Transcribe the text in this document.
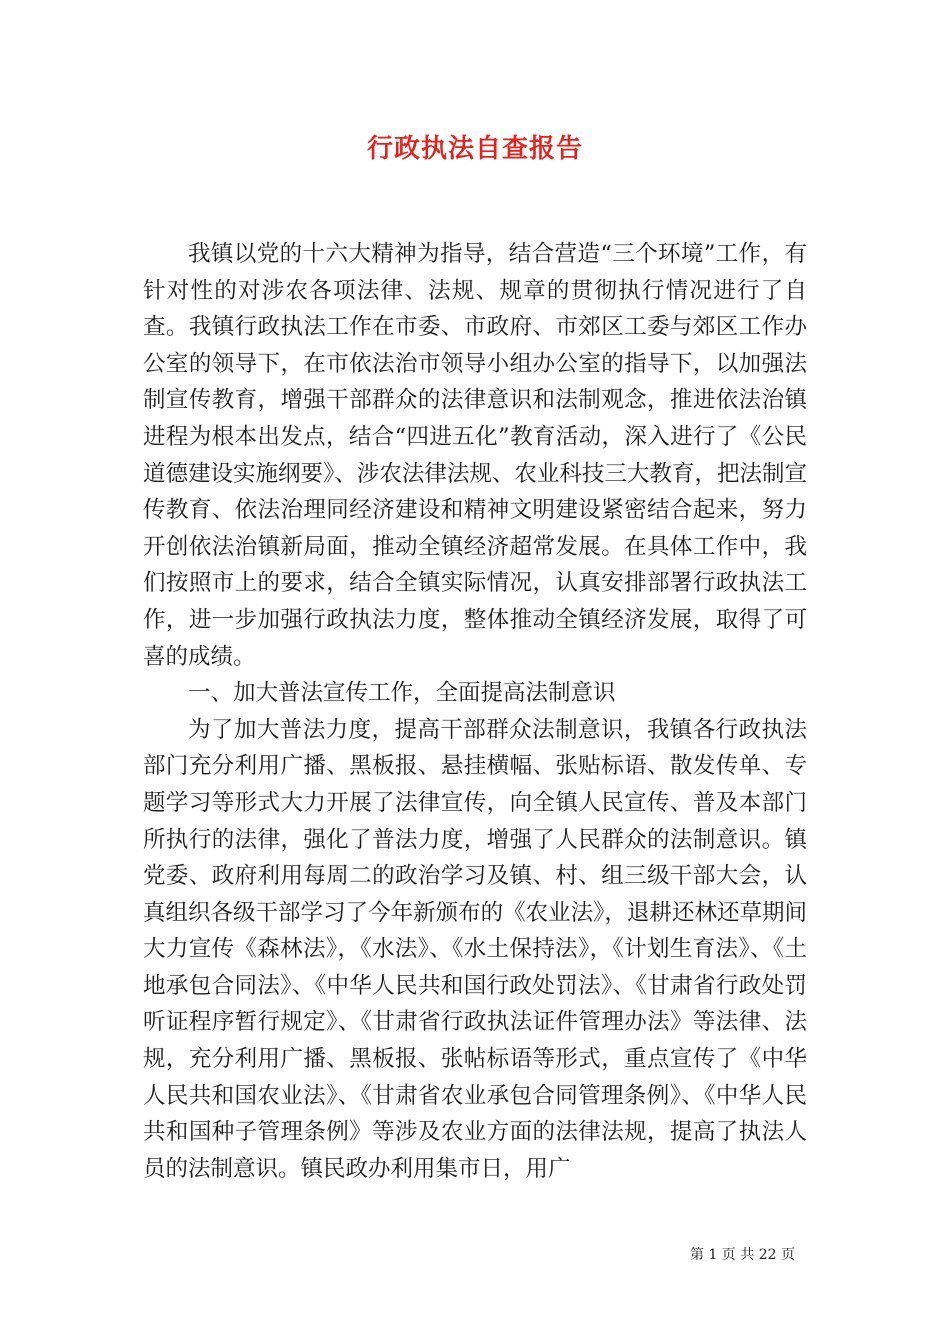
行政执法自查报告

我镇以党的十六大精神为指导，结合营造“三个环境”工作，有针对性的对涉农各项法律、法规、规章的贯彻执行情况进行了自查。我镇行政执法工作在市委、市政府、市郊区工委与郊区工作办公室的领导下，在市依法治市领导小组办公室的指导下，以加强法制宣传教育，增强干部群众的法律意识和法制观念，推进依法治镇进程为根本出发点，结合“四进五化”教育活动，深入进行了《公民道德建设实施纲要》、涉农法律法规、农业科技三大教育，把法制宣传教育、依法治理同经济建设和精神文明建设紧密结合起来，努力开创依法治镇新局面，推动全镇经济超常发展。在具体工作中，我们按照市上的要求，结合全镇实际情况，认真安排部署行政执法工作，进一步加强行政执法力度，整体推动全镇经济发展，取得了可喜的成绩。

一、加大普法宣传工作，全面提高法制意识

为了加大普法力度，提高干部群众法制意识，我镇各行政执法部门充分利用广播、黑板报、悬挂横幅、张贴标语、散发传单、专题学习等形式大力开展了法律宣传，向全镇人民宣传、普及本部门所执行的法律，强化了普法力度，增强了人民群众的法制意识。镇党委、政府利用每周二的政治学习及镇、村、组三级干部大会，认真组织各级干部学习了今年新颁布的《农业法》，退耕还林还草期间大力宣传《森林法》，《水法》、《水土保持法》，《计划生育法》、《土地承包合同法》、《中华人民共和国行政处罚法》、《甘肃省行政处罚听证程序暂行规定》、《甘肃省行政执法证件管理办法》等法律、法规，充分利用广播、黑板报、张帖标语等形式，重点宣传了《中华人民共和国农业法》、《甘肃省农业承包合同管理条例》、《中华人民共和国种子管理条例》等涉及农业方面的法律法规，提高了执法人员的法制意识。镇民政办利用集市日，用广

第 1 页 共 22 页
